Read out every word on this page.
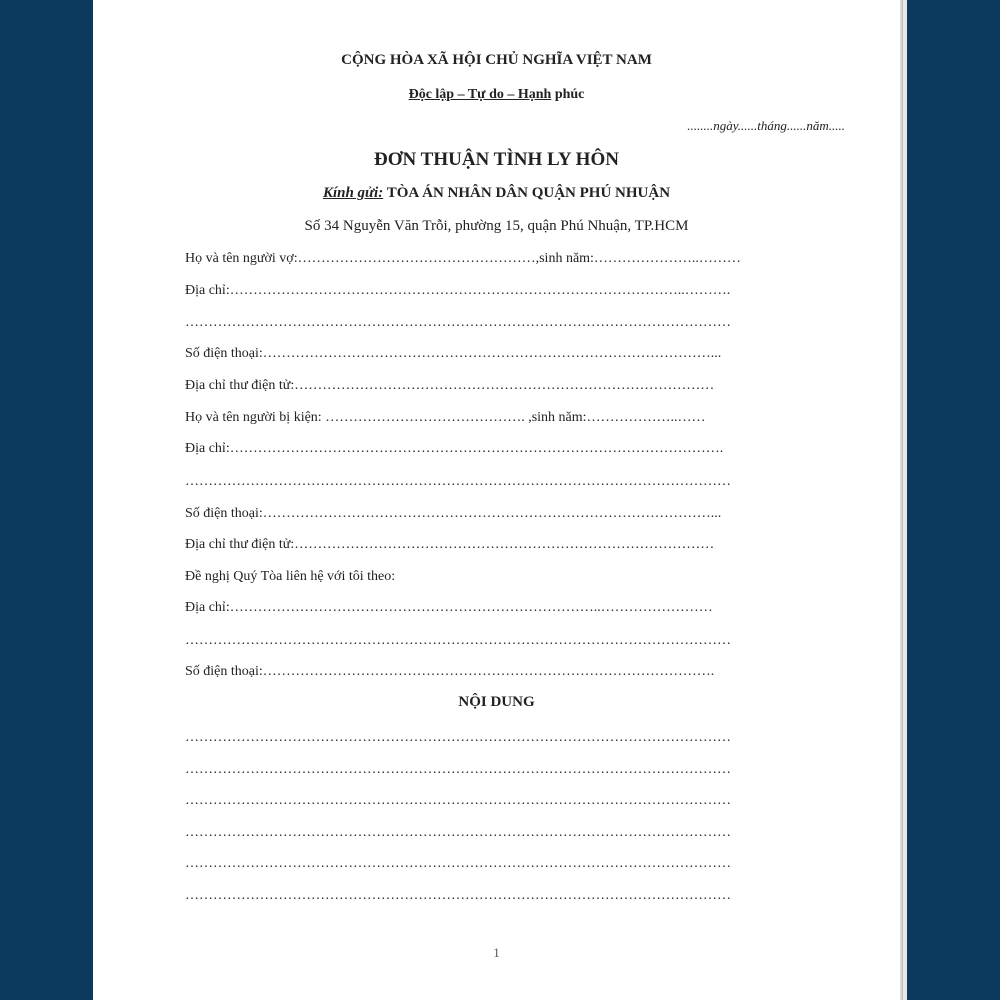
CỘNG HÒA XÃ HỘI CHỦ NGHĨA VIỆT NAM
Độc lập – Tự do – Hạnh phúc
........ngày......tháng......năm.....
ĐƠN THUẬN TÌNH LY HÔN
Kính gửi: TÒA ÁN NHÂN DÂN QUẬN PHÚ NHUẬN
Số 34 Nguyễn Văn Trỗi, phường 15, quận Phú Nhuận, TP.HCM
Họ và tên người vợ:……………………………………………,sinh năm:…………………..………
Địa chỉ:……………………………………………………………………………………..……….
………………………………………………………………………………………………………
Số điện thoại:……………………………………………………………………………………...
Địa chỉ thư điện tử:………………………………………………………………………………
Họ và tên người bị kiện: ……………………………………. ,sinh năm:………………..……
Địa chỉ:…………………………………………………………………………………………….
………………………………………………………………………………………………………
Số điện thoại:……………………………………………………………………………………...
Địa chỉ thư điện tử:………………………………………………………………………………
Đề nghị Quý Tòa liên hệ với tôi theo:
Địa chỉ:……………………………………………………………………..……………………
………………………………………………………………………………………………………
Số điện thoại:…………………………………………………………………………………….
NỘI DUNG
………………………………………………………………………………………………………
………………………………………………………………………………………………………
………………………………………………………………………………………………………
………………………………………………………………………………………………………
………………………………………………………………………………………………………
………………………………………………………………………………………………………
1
